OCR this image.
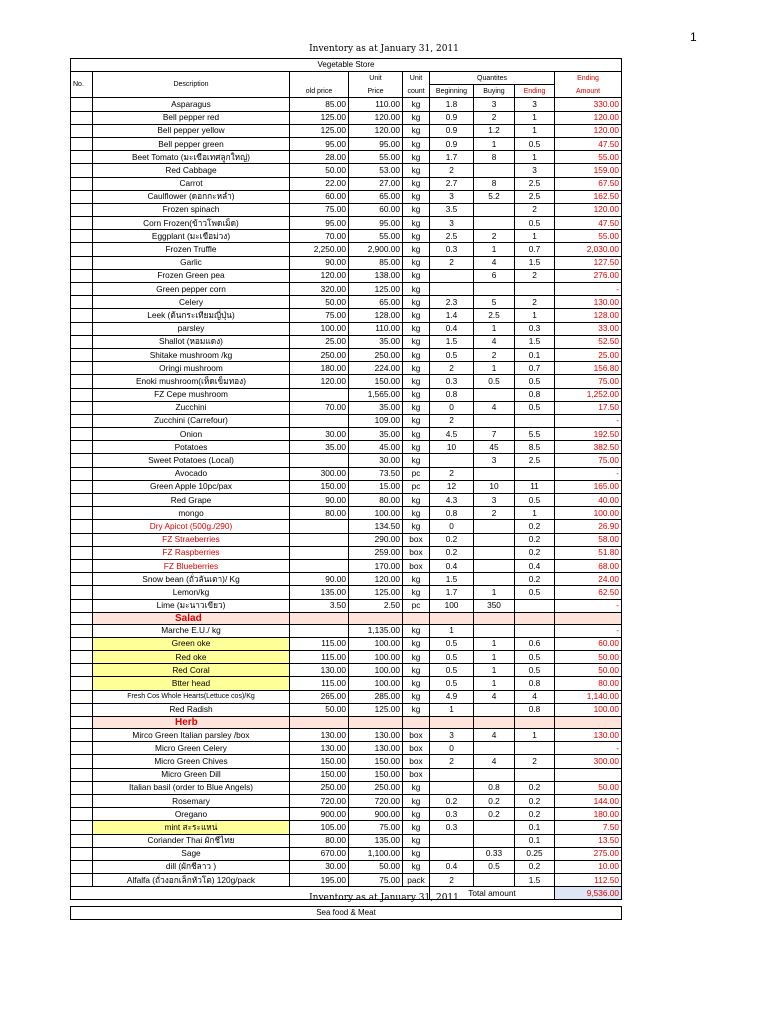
1
Inventory as at January 31, 2011
Vegetable Store
No.	Description		Unit	Unit	Quantites			Ending
		old price	Price	count	Beginning	Buying	Ending	Amount
	Asparagus	85.00	110.00	kg	1.8	3	3	330.00
	Bell pepper red	125.00	120.00	kg	0.9	2	1	120.00
	Bell pepper yellow	125.00	120.00	kg	0.9	1.2	1	120.00
	Bell pepper green	95.00	95.00	kg	0.9	1	0.5	47.50
	Beet Tomato (มะเขือเทศลูกใหญ่)	28.00	55.00	kg	1.7	8	1	55.00
	Red Cabbage	50.00	53.00	kg	2		3	159.00
	Carrot	22.00	27.00	kg	2.7	8	2.5	67.50
	Caulflower (ดอกกะหล่ำ)	60.00	65.00	kg	3	5.2	2.5	162.50
	Frozen spinach	75.00	60.00	kg	3.5		2	120.00
	Corn Frozen(ข้าวโพดเม็ด)	95.00	95.00	kg	3		0.5	47.50
	Eggplant (มะเขือม่วง)	70.00	55.00	kg	2.5	2	1	55.00
	Frozen Truffle	2,250.00	2,900.00	kg	0.3	1	0.7	2,030.00
	Garlic	90.00	85.00	kg	2	4	1.5	127.50
	Frozen Green pea	120.00	138.00	kg		6	2	276.00
	Green pepper corn	320.00	125.00	kg				-
	Celery	50.00	65.00	kg	2.3	5	2	130.00
	Leek (ต้นกระเทียมญี่ปุ่น)	75.00	128.00	kg	1.4	2.5	1	128.00
	parsley	100.00	110.00	kg	0.4	1	0.3	33.00
	Shallot (หอมแดง)	25.00	35.00	kg	1.5	4	1.5	52.50
	Shitake mushroom /kg	250.00	250.00	kg	0.5	2	0.1	25.00
	Oringi mushroom	180.00	224.00	kg	2	1	0.7	156.80
	Enoki mushroom(เห็ดเข็มทอง)	120.00	150.00	kg	0.3	0.5	0.5	75.00
	FZ Cepe mushroom		1,565.00	kg	0.8		0.8	1,252.00
	Zucchini	70.00	35.00	kg	0	4	0.5	17.50
	Zucchini (Carrefour)		109.00	kg	2			-
	Onion	30.00	35.00	kg	4.5	7	5.5	192.50
	Potatoes	35.00	45.00	kg	10	45	8.5	382.50
	Sweet Potatoes (Local)		30.00	kg		3	2.5	75.00
	Avocado	300.00	73.50	pc	2			-
	Green Apple 10pc/pax	150.00	15.00	pc	12	10	11	165.00
	Red Grape	90.00	80.00	kg	4.3	3	0.5	40.00
	mongo	80.00	100.00	kg	0.8	2	1	100.00
	Dry Apicot (500g./290)		134.50	kg	0		0.2	26.90
	FZ Straeberries		290.00	box	0.2		0.2	58.00
	FZ Raspberries		259.00	box	0.2		0.2	51.80
	FZ Blueberries		170.00	box	0.4		0.4	68.00
	Snow bean (ถั่วลันเตา)/ Kg	90.00	120.00	kg	1.5		0.2	24.00
	Lemon/kg	135.00	125.00	kg	1.7	1	0.5	62.50
	Lime (มะนาวเขียว)	3.50	2.50	pc	100	350		-
	Salad							
	Marche E.U./ kg		1,135.00	kg	1			-
	Green oke	115.00	100.00	kg	0.5	1	0.6	60.00
	Red oke	115.00	100.00	kg	0.5	1	0.5	50.00
	Red Coral	130.00	100.00	kg	0.5	1	0.5	50.00
	Btter head	115.00	100.00	kg	0.5	1	0.8	80.00
	Fresh Cos Whole Hearts(Lettuce cos)/Kg	265.00	285.00	kg	4.9	4	4	1,140.00
	Red Radish	50.00	125.00	kg	1		0.8	100.00
	Herb							
	Mirco Green Italian parsley /box	130.00	130.00	box	3	4	1	130.00
	Micro Green Celery	130.00	130.00	box	0			-
	Micro Green Chives	150.00	150.00	box	2	4	2	300.00
	Micro Green Dill	150.00	150.00	box				
	Italian basil (order to Blue Angels)	250.00	250.00	kg		0.8	0.2	50.00
	Rosemary	720.00	720.00	kg	0.2	0.2	0.2	144.00
	Oregano	900.00	900.00	kg	0.3	0.2	0.2	180.00
	mint สะระแหน่	105.00	75.00	kg	0.3		0.1	7.50
	Coriander Thai ผักชีไทย	80.00	135.00	kg			0.1	13.50
	Sage	670.00	1,100.00	kg		0.33	0.25	275.00
	dill (ผักชีลาว )	30.00	50.00	kg	0.4	0.5	0.2	10.00
	Alfalfa (ถั่วงอกเล็กหัวโต) 120g/pack	195.00	75.00	pack	2		1.5	112.50
					Total amount			9,536.00
Inventory as at January 31, 2011
Sea food & Meat
